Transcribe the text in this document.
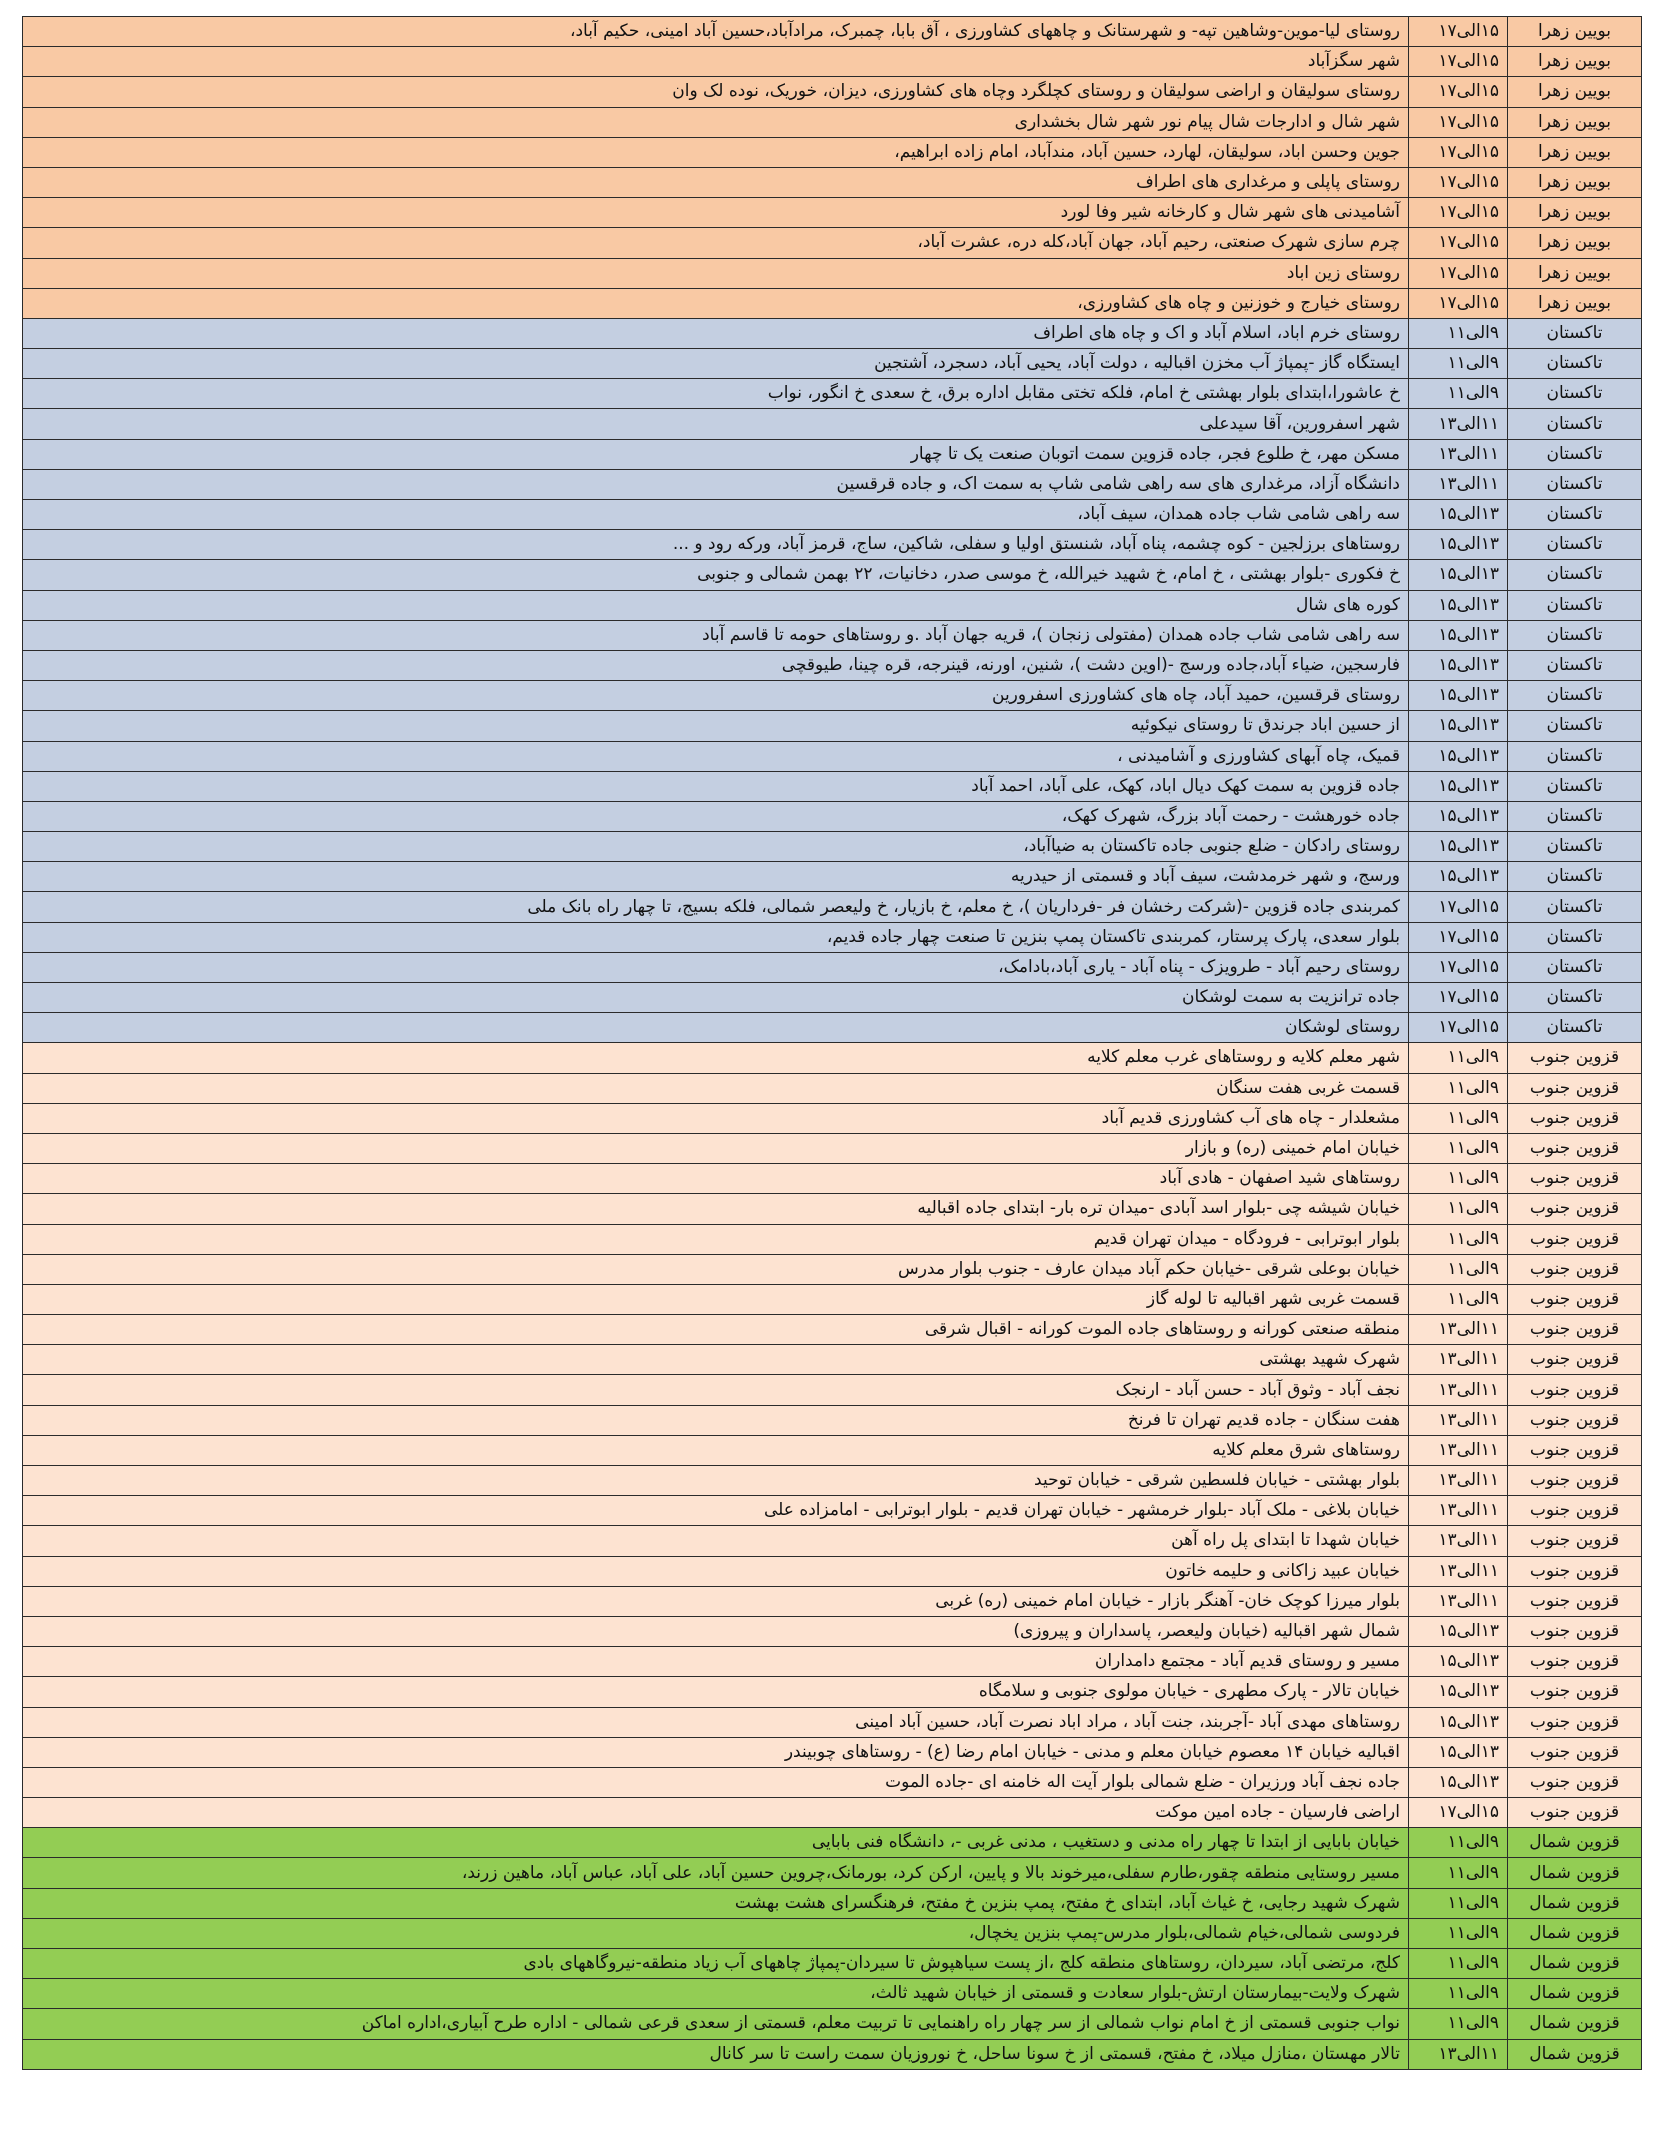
بویین زهرا	۱۵الی۱۷	روستای لیا-موین-وشاهین تپه- و شهرستانک و چاههای کشاورزی ، آق بابا، چمبرک، مرادآباد،حسین آباد امینی، حکیم آباد،
بویین زهرا	۱۵الی۱۷	شهر سگزآباد
بویین زهرا	۱۵الی۱۷	روستای سولیقان و اراضی سولیقان و روستای کچلگرد وچاه های کشاورزی، دیزان، خوریک، نوده لک وان
بویین زهرا	۱۵الی۱۷	شهر شال و ادارجات شال پیام نور شهر شال بخشداری
بویین زهرا	۱۵الی۱۷	جوین وحسن اباد، سولیقان، لهارد، حسین آباد، مندآباد، امام زاده ابراهیم،
بویین زهرا	۱۵الی۱۷	روستای پاپلی و مرغداری های اطراف
بویین زهرا	۱۵الی۱۷	آشامیدنی های شهر شال و کارخانه شیر وفا لورد
بویین زهرا	۱۵الی۱۷	چرم سازی شهرک صنعتی، رحیم آباد، جهان آباد،کله دره، عشرت آباد،
بویین زهرا	۱۵الی۱۷	روستای زین اباد
بویین زهرا	۱۵الی۱۷	روستای خیارج و خوزنین و چاه های کشاورزی،
تاکستان	۹الی۱۱	روستای خرم اباد، اسلام آباد و اک و چاه های اطراف
تاکستان	۹الی۱۱	ایستگاه گاز -پمپاژ آب مخزن اقبالیه ، دولت آباد، یحیی آباد، دسجرد، آشتجین
تاکستان	۹الی۱۱	خ عاشورا،ابتدای بلوار بهشتی خ امام، فلکه تختی مقابل اداره برق، خ سعدی خ انگور، نواب
تاکستان	۱۱الی۱۳	شهر اسفرورین، آقا سیدعلی
تاکستان	۱۱الی۱۳	مسکن مهر، خ طلوع فجر، جاده قزوین سمت اتوبان صنعت یک تا چهار
تاکستان	۱۱الی۱۳	دانشگاه آزاد، مرغداری های سه راهی شامی شاپ به سمت اک، و جاده قرقسین
تاکستان	۱۳الی۱۵	سه راهی شامی شاب جاده همدان، سیف آباد،
تاکستان	۱۳الی۱۵	روستاهای برزلجین - کوه چشمه، پناه آباد، شنستق اولیا و سفلی، شاکین، ساج، قرمز آباد، ورکه رود و ...
تاکستان	۱۳الی۱۵	خ فکوری -بلوار بهشتی ، خ امام، خ شهید خیرالله، خ موسی صدر، دخانیات، ۲۲ بهمن شمالی و جنوبی
تاکستان	۱۳الی۱۵	کوره های شال
تاکستان	۱۳الی۱۵	سه راهی شامی شاب جاده همدان (مفتولی زنجان )، قریه جهان آباد .و روستاهای حومه تا قاسم آباد
تاکستان	۱۳الی۱۵	فارسجین، ضیاء آباد،جاده ورسج -(اوین دشت )، شنین، اورنه، قینرجه، قره چینا، طیوقچی
تاکستان	۱۳الی۱۵	روستای قرقسین، حمید آباد، چاه های کشاورزی اسفرورین
تاکستان	۱۳الی۱۵	از حسین اباد جرندق تا روستای نیکوئیه
تاکستان	۱۳الی۱۵	قمیک، چاه آبهای کشاورزی و آشامیدنی ،
تاکستان	۱۳الی۱۵	جاده قزوین به سمت کهک دیال اباد، کهک، علی آباد، احمد آباد
تاکستان	۱۳الی۱۵	جاده خورهشت - رحمت آباد بزرگ، شهرک کهک،
تاکستان	۱۳الی۱۵	روستای رادکان - ضلع جنوبی جاده تاکستان به ضیاآباد،
تاکستان	۱۳الی۱۵	ورسج، و شهر خرمدشت، سیف آباد و قسمتی از حیدریه
تاکستان	۱۵الی۱۷	کمربندی جاده قزوین -(شرکت رخشان فر -فرداریان )، خ معلم، خ بازیار، خ ولیعصر شمالی، فلکه بسیج، تا چهار راه بانک ملی
تاکستان	۱۵الی۱۷	بلوار سعدی، پارک پرستار، کمربندی تاکستان پمپ بنزین تا صنعت چهار جاده قدیم،
تاکستان	۱۵الی۱۷	روستای رحیم آباد - طرویزک - پناه آباد - یاری آباد،بادامک،
تاکستان	۱۵الی۱۷	جاده ترانزیت به سمت لوشکان
تاکستان	۱۵الی۱۷	روستای لوشکان
قزوین جنوب	۹الی۱۱	شهر معلم کلایه و روستاهای غرب معلم کلایه
قزوین جنوب	۹الی۱۱	قسمت غربی هفت سنگان
قزوین جنوب	۹الی۱۱	مشعلدار - چاه های آب کشاورزی قدیم آباد
قزوین جنوب	۹الی۱۱	خیابان امام خمینی (ره) و بازار
قزوین جنوب	۹الی۱۱	روستاهای شید اصفهان - هادی آباد
قزوین جنوب	۹الی۱۱	خیابان شیشه چی -بلوار اسد آبادی -میدان تره بار- ابتدای جاده اقبالیه
قزوین جنوب	۹الی۱۱	بلوار ابوترابی - فرودگاه - میدان تهران قدیم
قزوین جنوب	۹الی۱۱	خیابان بوعلی شرقی -خیابان حکم آباد میدان عارف - جنوب بلوار مدرس
قزوین جنوب	۹الی۱۱	قسمت غربی شهر اقبالیه تا لوله گاز
قزوین جنوب	۱۱الی۱۳	منطقه صنعتی کورانه و روستاهای جاده الموت کورانه - اقبال شرقی
قزوین جنوب	۱۱الی۱۳	شهرک شهید بهشتی
قزوین جنوب	۱۱الی۱۳	نجف آباد - وثوق آباد - حسن آباد - ارنجک
قزوین جنوب	۱۱الی۱۳	هفت سنگان - جاده قدیم تهران تا فرنخ
قزوین جنوب	۱۱الی۱۳	روستاهای شرق معلم کلایه
قزوین جنوب	۱۱الی۱۳	بلوار بهشتی - خیابان فلسطین شرقی - خیابان توحید
قزوین جنوب	۱۱الی۱۳	خیابان بلاغی - ملک آباد -بلوار خرمشهر - خیابان تهران قدیم - بلوار ابوترابی - امامزاده علی
قزوین جنوب	۱۱الی۱۳	خیابان شهدا تا ابتدای پل راه آهن
قزوین جنوب	۱۱الی۱۳	خیابان عبید زاکانی و حلیمه خاتون
قزوین جنوب	۱۱الی۱۳	بلوار میرزا کوچک خان- آهنگر بازار - خیابان امام خمینی (ره) غربی
قزوین جنوب	۱۳الی۱۵	شمال شهر اقبالیه (خیابان ولیعصر، پاسداران و پیروزی)
قزوین جنوب	۱۳الی۱۵	مسیر و روستای قدیم آباد - مجتمع دامداران
قزوین جنوب	۱۳الی۱۵	خیابان تالار - پارک مطهری - خیابان مولوی جنوبی و سلامگاه
قزوین جنوب	۱۳الی۱۵	روستاهای مهدی آباد -آجربند، جنت آباد ، مراد اباد نصرت آباد، حسین آباد امینی
قزوین جنوب	۱۳الی۱۵	اقبالیه خیابان ۱۴ معصوم خیابان معلم و مدنی - خیابان امام رضا (ع) - روستاهای چوبیندر
قزوین جنوب	۱۳الی۱۵	جاده نجف آباد ورزیران - ضلع شمالی بلوار آیت اله خامنه ای -جاده الموت
قزوین جنوب	۱۵الی۱۷	اراضی فارسیان - جاده امین موکت
قزوین شمال	۹الی۱۱	خیابان بابایی از ابتدا تا چهار راه مدنی و دستغیب ، مدنی غربی -، دانشگاه فنی بابایی
قزوین شمال	۹الی۱۱	مسیر روستایی منطقه چقور،طارم سفلی،میرخوند بالا و پایین، ارکن کرد، بورمانک،چروین حسین آباد، علی آباد، عباس آباد، ماهین زرند،
قزوین شمال	۹الی۱۱	شهرک شهید رجایی، خ غیاث آباد، ابتدای خ مفتح، پمپ بنزین خ مفتح، فرهنگسرای هشت بهشت
قزوین شمال	۹الی۱۱	فردوسی شمالی،خیام شمالی،بلوار مدرس-پمپ بنزین یخچال،
قزوین شمال	۹الی۱۱	کلج، مرتضی آباد، سیردان، روستاهای منطقه کلج ،از پست سیاهپوش تا سیردان-پمپاژ چاههای آب زیاد منطقه-نیروگاههای بادی
قزوین شمال	۹الی۱۱	شهرک ولایت-بیمارستان ارتش-بلوار سعادت و قسمتی از خیابان شهید ثالث،
قزوین شمال	۹الی۱۱	نواب جنوبی قسمتی از خ امام نواب شمالی از سر چهار راه راهنمایی تا تربیت معلم، قسمتی از سعدی قرعی شمالی - اداره طرح آبیاری،اداره اماکن
قزوین شمال	۱۱الی۱۳	تالار مهستان ،منازل میلاد، خ مفتح، قسمتی از خ سونا ساحل، خ نوروزیان سمت راست تا سر کانال
